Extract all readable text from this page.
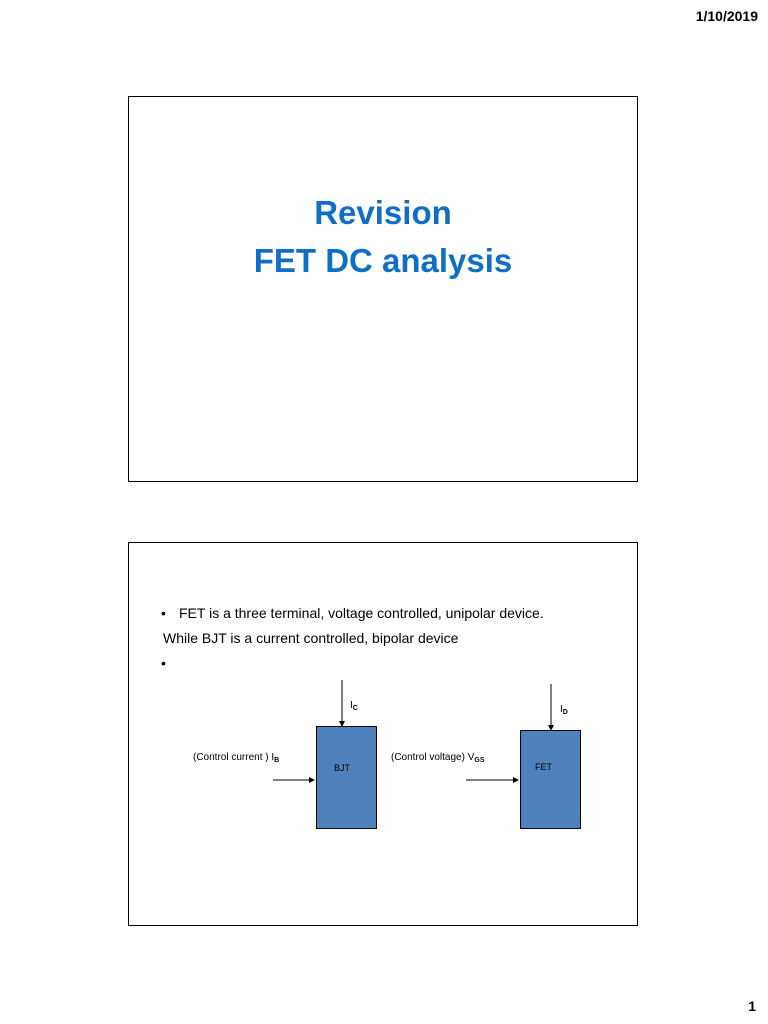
1/10/2019
Revision
FET DC analysis
• FET is a three terminal, voltage controlled, unipolar device.
While BJT is a current controlled, bipolar device
•
(Control current ) $I_B$
$I_C$
BJT
(Control voltage) $V_{GS}$
$I_D$
FET
1
